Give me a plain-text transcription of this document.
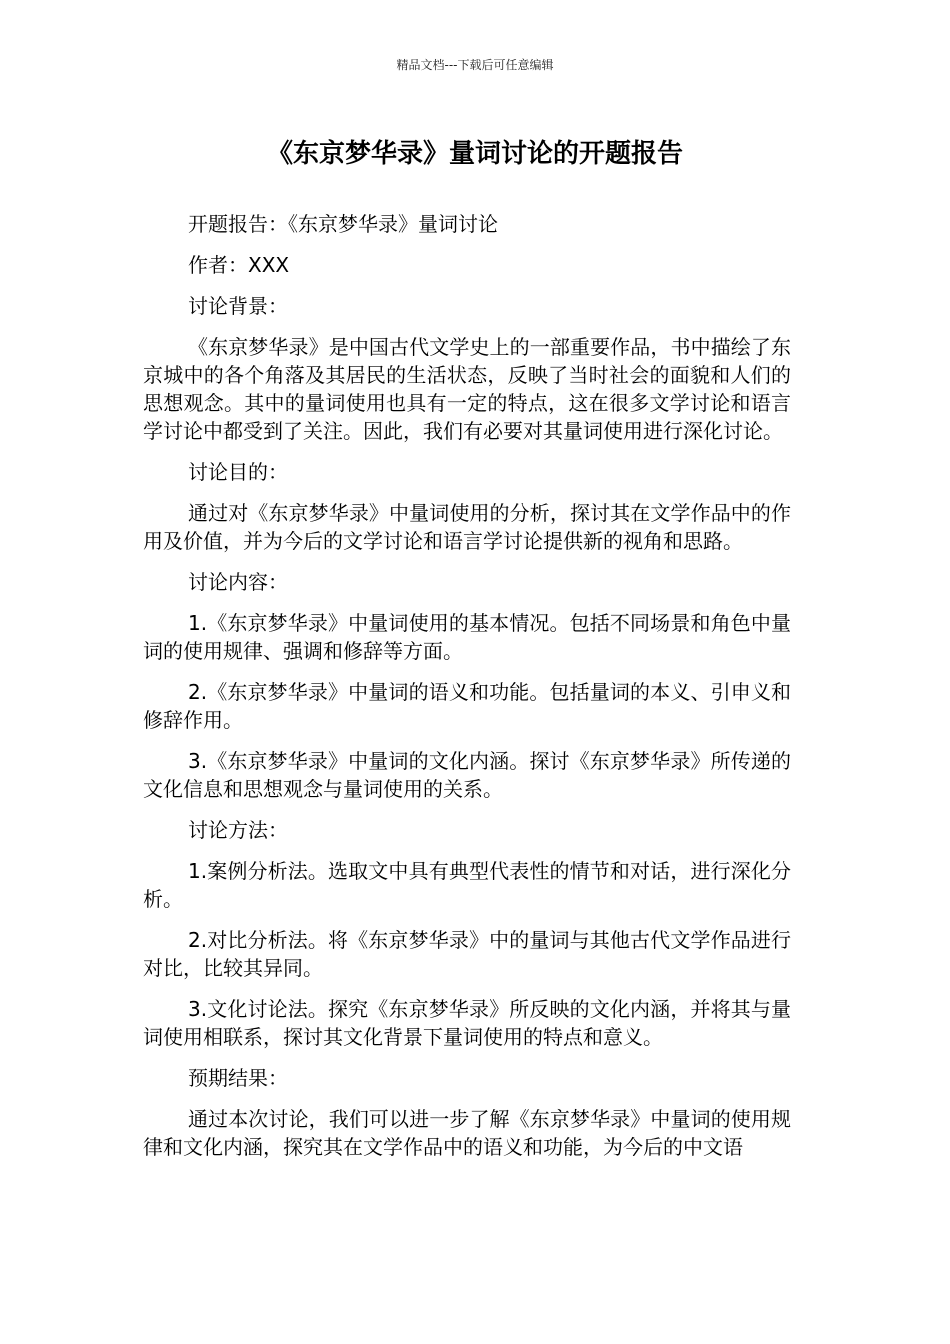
精品文档---下载后可任意编辑
《东京梦华录》量词讨论的开题报告

开题报告：《东京梦华录》量词讨论

作者：XXX

讨论背景：

《东京梦华录》是中国古代文学史上的一部重要作品，书中描绘了东京城中的各个角落及其居民的生活状态，反映了当时社会的面貌和人们的思想观念。其中的量词使用也具有一定的特点，这在很多文学讨论和语言学讨论中都受到了关注。因此，我们有必要对其量词使用进行深化讨论。

讨论目的：

通过对《东京梦华录》中量词使用的分析，探讨其在文学作品中的作用及价值，并为今后的文学讨论和语言学讨论提供新的视角和思路。

讨论内容：

1.《东京梦华录》中量词使用的基本情况。包括不同场景和角色中量词的使用规律、强调和修辞等方面。

2.《东京梦华录》中量词的语义和功能。包括量词的本义、引申义和修辞作用。

3.《东京梦华录》中量词的文化内涵。探讨《东京梦华录》所传递的文化信息和思想观念与量词使用的关系。

讨论方法：

1.案例分析法。选取文中具有典型代表性的情节和对话，进行深化分析。

2.对比分析法。将《东京梦华录》中的量词与其他古代文学作品进行对比，比较其异同。

3.文化讨论法。探究《东京梦华录》所反映的文化内涵，并将其与量词使用相联系，探讨其文化背景下量词使用的特点和意义。

预期结果：

通过本次讨论，我们可以进一步了解《东京梦华录》中量词的使用规律和文化内涵，探究其在文学作品中的语义和功能，为今后的中文语
